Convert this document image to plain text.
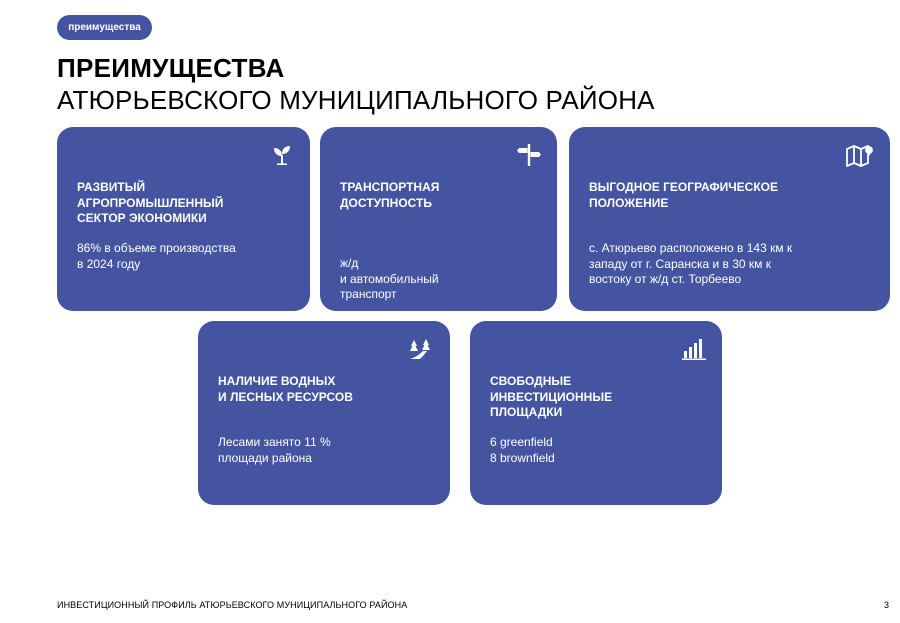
преимущества
ПРЕИМУЩЕСТВА
АТЮРЬЕВСКОГО МУНИЦИПАЛЬНОГО РАЙОНА
РАЗВИТЫЙ
АГРОПРОМЫШЛЕННЫЙ
СЕКТОР ЭКОНОМИКИ
86% в объеме производства
в 2024 году
ТРАНСПОРТНАЯ
ДОСТУПНОСТЬ
ж/д
и автомобильный
транспорт
ВЫГОДНОЕ ГЕОГРАФИЧЕСКОЕ
ПОЛОЖЕНИЕ
с. Атюрьево расположено в 143 км к
западу от г. Саранска и в 30 км к
востоку от ж/д ст. Торбеево
НАЛИЧИЕ ВОДНЫХ
И ЛЕСНЫХ РЕСУРСОВ
Лесами занято 11 %
площади района
СВОБОДНЫЕ
ИНВЕСТИЦИОННЫЕ
ПЛОЩАДКИ
6 greenfield
8 brownfield
ИНВЕСТИЦИОННЫЙ ПРОФИЛЬ АТЮРЬЕВСКОГО МУНИЦИПАЛЬНОГО РАЙОНА	3
